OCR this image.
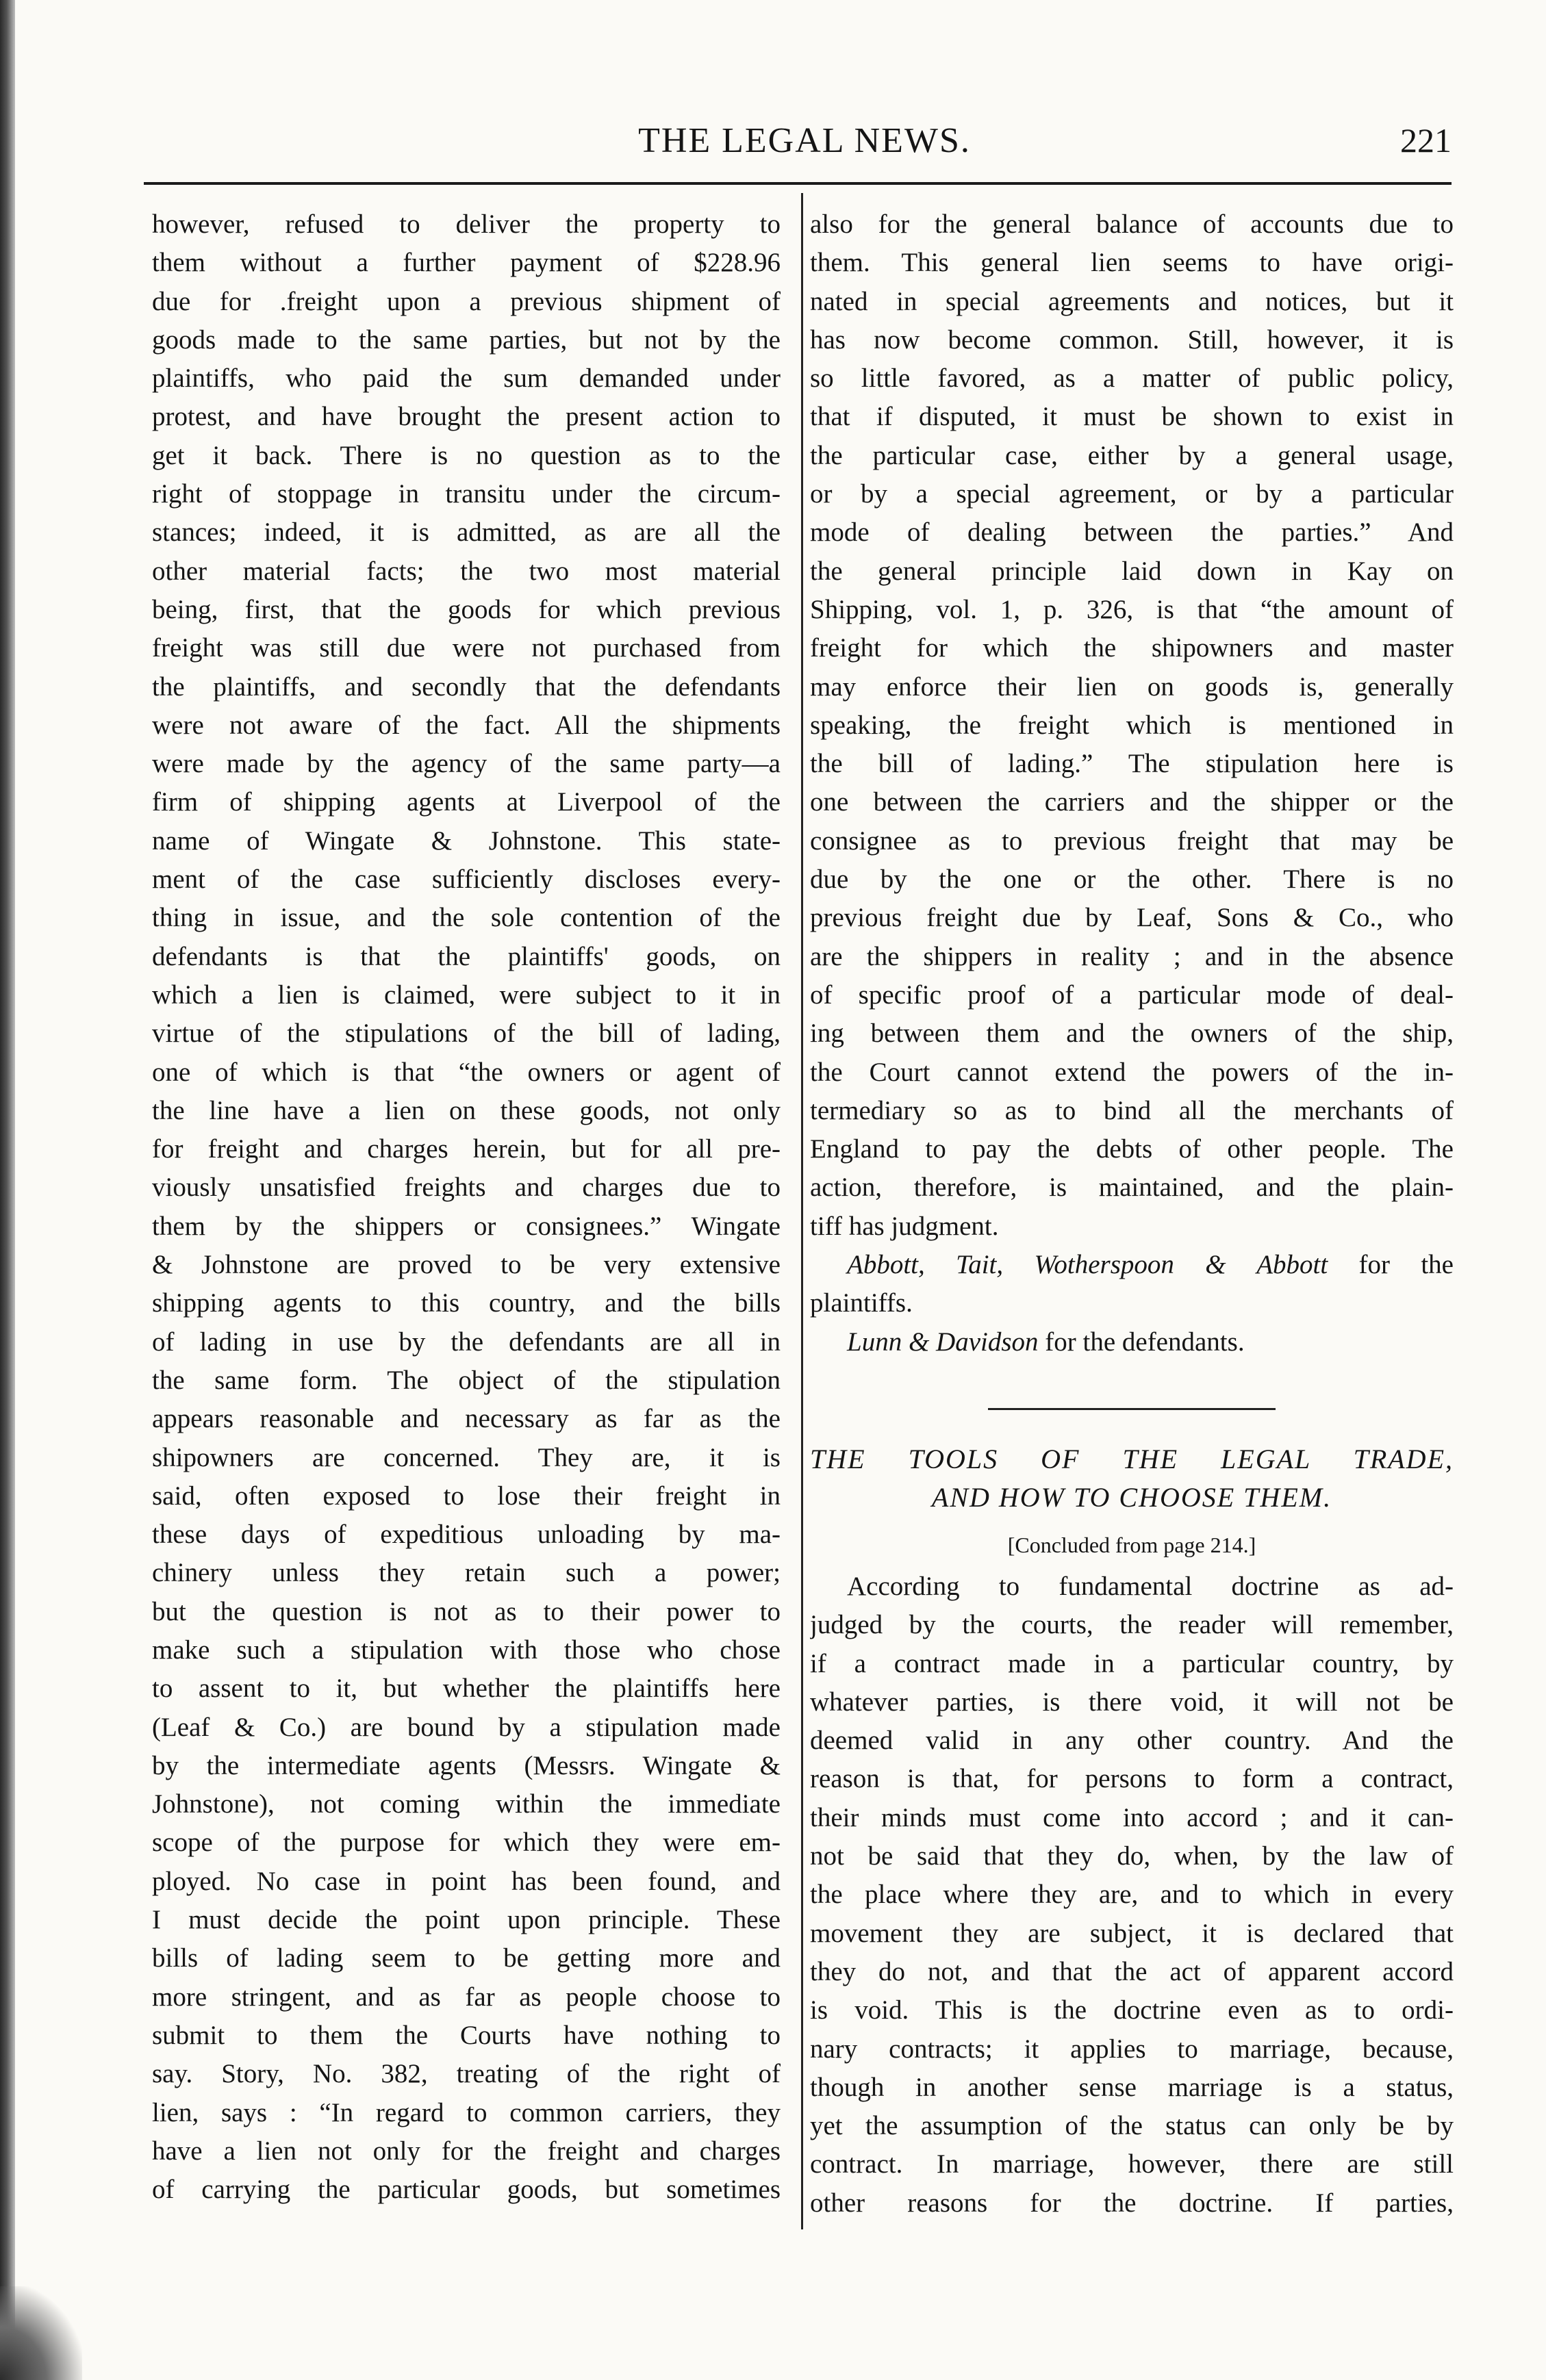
THE LEGAL NEWS.	221
however, refused to deliver the property to
them without a further payment of $228.96
due for .freight upon a previous shipment of
goods made to the same parties, but not by the
plaintiffs, who paid the sum demanded under
protest, and have brought the present action to
get it back. There is no question as to the
right of stoppage in transitu under the circum-
stances; indeed, it is admitted, as are all the
other material facts; the two most material
being, first, that the goods for which previous
freight was still due were not purchased from
the plaintiffs, and secondly that the defendants
were not aware of the fact. All the shipments
were made by the agency of the same party—a
firm of shipping agents at Liverpool of the
name of Wingate & Johnstone. This state-
ment of the case sufficiently discloses every-
thing in issue, and the sole contention of the
defendants is that the plaintiffs' goods, on
which a lien is claimed, were subject to it in
virtue of the stipulations of the bill of lading,
one of which is that “the owners or agent of
the line have a lien on these goods, not only
for freight and charges herein, but for all pre-
viously unsatisfied freights and charges due to
them by the shippers or consignees.” Wingate
& Johnstone are proved to be very extensive
shipping agents to this country, and the bills
of lading in use by the defendants are all in
the same form. The object of the stipulation
appears reasonable and necessary as far as the
shipowners are concerned. They are, it is
said, often exposed to lose their freight in
these days of expeditious unloading by ma-
chinery unless they retain such a power;
but the question is not as to their power to
make such a stipulation with those who chose
to assent to it, but whether the plaintiffs here
(Leaf & Co.) are bound by a stipulation made
by the intermediate agents (Messrs. Wingate &
Johnstone), not coming within the immediate
scope of the purpose for which they were em-
ployed. No case in point has been found, and
I must decide the point upon principle. These
bills of lading seem to be getting more and
more stringent, and as far as people choose to
submit to them the Courts have nothing to
say. Story, No. 382, treating of the right of
lien, says : “In regard to common carriers, they
have a lien not only for the freight and charges
of carrying the particular goods, but sometimes
also for the general balance of accounts due to
them. This general lien seems to have origi-
nated in special agreements and notices, but it
has now become common. Still, however, it is
so little favored, as a matter of public policy,
that if disputed, it must be shown to exist in
the particular case, either by a general usage,
or by a special agreement, or by a particular
mode of dealing between the parties.” And
the general principle laid down in Kay on
Shipping, vol. 1, p. 326, is that “the amount of
freight for which the shipowners and master
may enforce their lien on goods is, generally
speaking, the freight which is mentioned in
the bill of lading.” The stipulation here is
one between the carriers and the shipper or the
consignee as to previous freight that may be
due by the one or the other. There is no
previous freight due by Leaf, Sons & Co., who
are the shippers in reality ; and in the absence
of specific proof of a particular mode of deal-
ing between them and the owners of the ship,
the Court cannot extend the powers of the in-
termediary so as to bind all the merchants of
England to pay the debts of other people. The
action, therefore, is maintained, and the plain-
tiff has judgment.
Abbott, Tait, Wotherspoon & Abbott for the
plaintiffs.
Lunn & Davidson for the defendants.
THE TOOLS OF THE LEGAL TRADE,
AND HOW TO CHOOSE THEM.
[Concluded from page 214.]
According to fundamental doctrine as ad-
judged by the courts, the reader will remember,
if a contract made in a particular country, by
whatever parties, is there void, it will not be
deemed valid in any other country. And the
reason is that, for persons to form a contract,
their minds must come into accord ; and it can-
not be said that they do, when, by the law of
the place where they are, and to which in every
movement they are subject, it is declared that
they do not, and that the act of apparent accord
is void. This is the doctrine even as to ordi-
nary contracts; it applies to marriage, because,
though in another sense marriage is a status,
yet the assumption of the status can only be by
contract. In marriage, however, there are still
other reasons for the doctrine. If parties,
